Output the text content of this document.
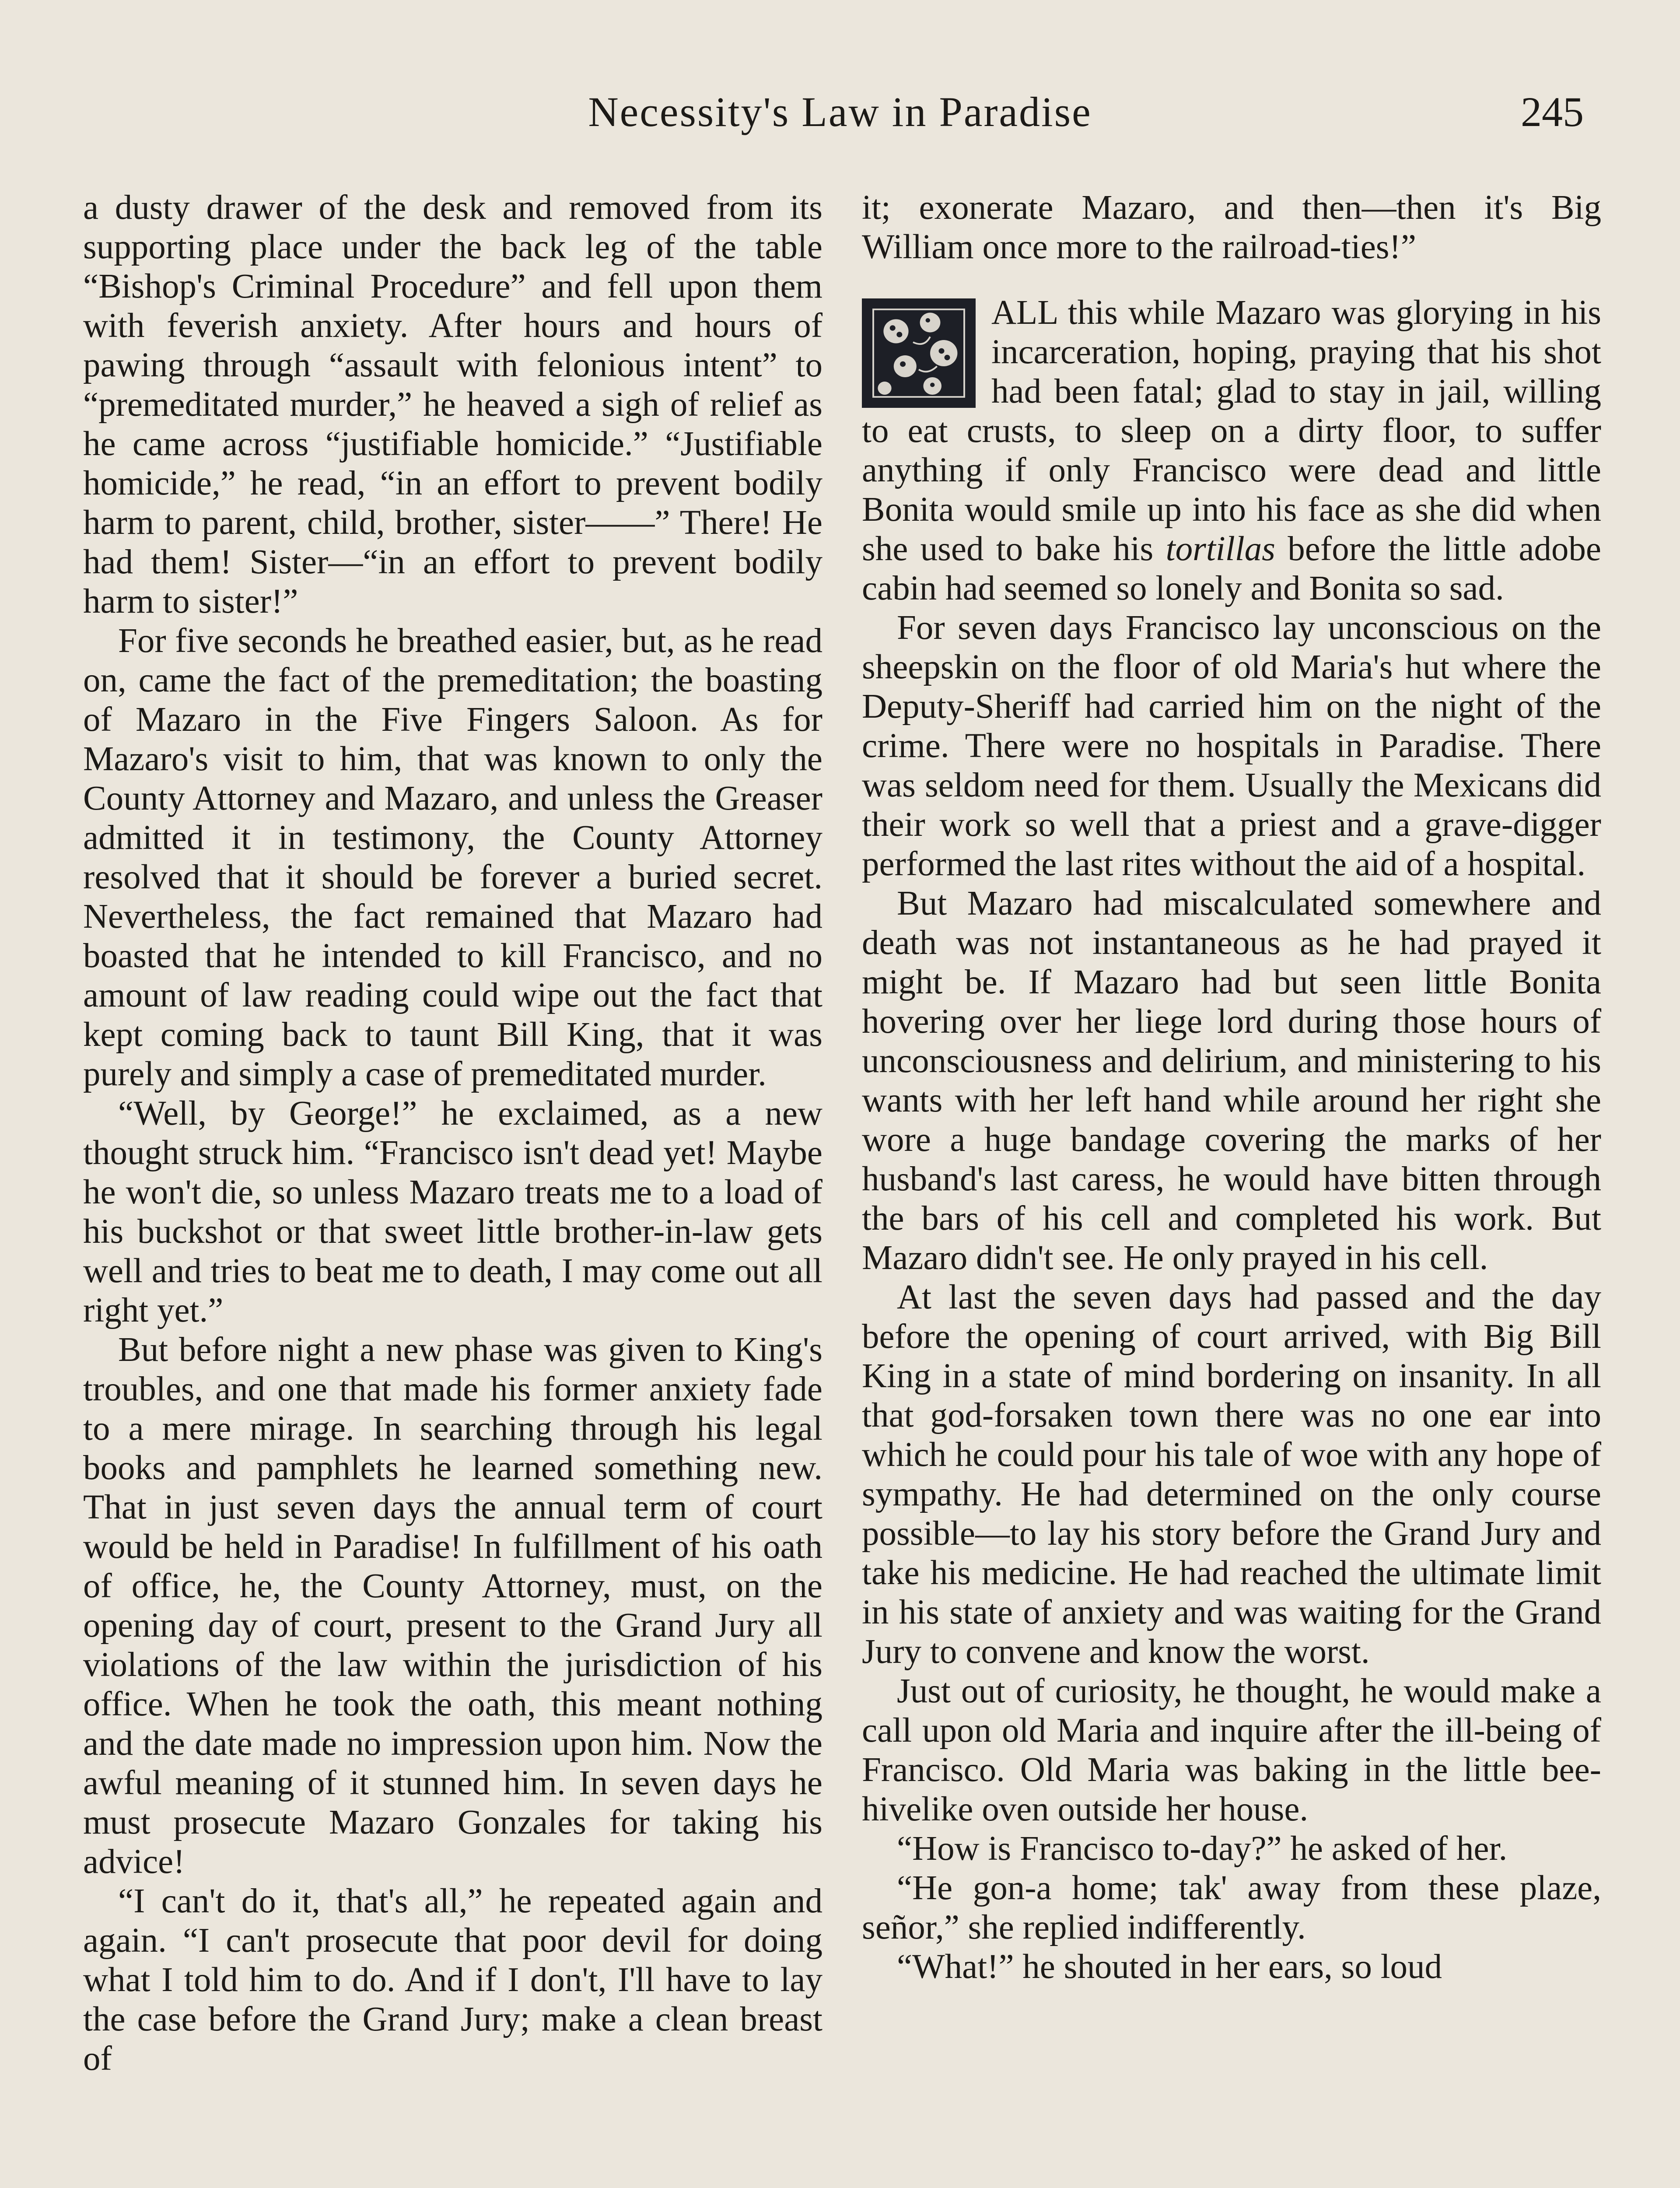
Necessity's Law in Paradise	245

a dusty drawer of the desk and removed from its supporting place under the back leg of the table “Bishop's Criminal Procedure” and fell upon them with feverish anxiety. After hours and hours of pawing through “assault with felonious intent” to “premeditated murder,” he heaved a sigh of relief as he came across “justifiable homicide.” “Justifiable homicide,” he read, “in an effort to prevent bodily harm to parent, child, brother, sister——” There! He had them! Sister—“in an effort to prevent bodily harm to sister!”

For five seconds he breathed easier, but, as he read on, came the fact of the premeditation; the boasting of Mazaro in the Five Fingers Saloon. As for Mazaro's visit to him, that was known to only the County Attorney and Mazaro, and unless the Greaser admitted it in testimony, the County Attorney resolved that it should be forever a buried secret. Nevertheless, the fact remained that Mazaro had boasted that he intended to kill Francisco, and no amount of law reading could wipe out the fact that kept coming back to taunt Bill King, that it was purely and simply a case of premeditated murder.

“Well, by George!” he exclaimed, as a new thought struck him. “Francisco isn't dead yet! Maybe he won't die, so unless Mazaro treats me to a load of his buckshot or that sweet little brother-in-law gets well and tries to beat me to death, I may come out all right yet.”

But before night a new phase was given to King's troubles, and one that made his former anxiety fade to a mere mirage. In searching through his legal books and pamphlets he learned something new. That in just seven days the annual term of court would be held in Paradise! In fulfillment of his oath of office, he, the County Attorney, must, on the opening day of court, present to the Grand Jury all violations of the law within the jurisdiction of his office. When he took the oath, this meant nothing and the date made no impression upon him. Now the awful meaning of it stunned him. In seven days he must prosecute Mazaro Gonzales for taking his advice!

“I can't do it, that's all,” he repeated again and again. “I can't prosecute that poor devil for doing what I told him to do. And if I don't, I'll have to lay the case before the Grand Jury; make a clean breast of

it; exonerate Mazaro, and then—then it's Big William once more to the railroad-ties!”

ALL this while Mazaro was glorying in his incarceration, hoping, praying that his shot had been fatal; glad to stay in jail, willing to eat crusts, to sleep on a dirty floor, to suffer anything if only Francisco were dead and little Bonita would smile up into his face as she did when she used to bake his tortillas before the little adobe cabin had seemed so lonely and Bonita so sad.

For seven days Francisco lay unconscious on the sheepskin on the floor of old Maria's hut where the Deputy-Sheriff had carried him on the night of the crime. There were no hospitals in Paradise. There was seldom need for them. Usually the Mexicans did their work so well that a priest and a grave-digger performed the last rites without the aid of a hospital.

But Mazaro had miscalculated somewhere and death was not instantaneous as he had prayed it might be. If Mazaro had but seen little Bonita hovering over her liege lord during those hours of unconsciousness and delirium, and ministering to his wants with her left hand while around her right she wore a huge bandage covering the marks of her husband's last caress, he would have bitten through the bars of his cell and completed his work. But Mazaro didn't see. He only prayed in his cell.

At last the seven days had passed and the day before the opening of court arrived, with Big Bill King in a state of mind bordering on insanity. In all that god-forsaken town there was no one ear into which he could pour his tale of woe with any hope of sympathy. He had determined on the only course possible—to lay his story before the Grand Jury and take his medicine. He had reached the ultimate limit in his state of anxiety and was waiting for the Grand Jury to convene and know the worst.

Just out of curiosity, he thought, he would make a call upon old Maria and inquire after the ill-being of Francisco. Old Maria was baking in the little bee-hivelike oven outside her house.

“How is Francisco to-day?” he asked of her.

“He gon-a home; tak' away from these plaze, señor,” she replied indifferently.

“What!” he shouted in her ears, so loud
